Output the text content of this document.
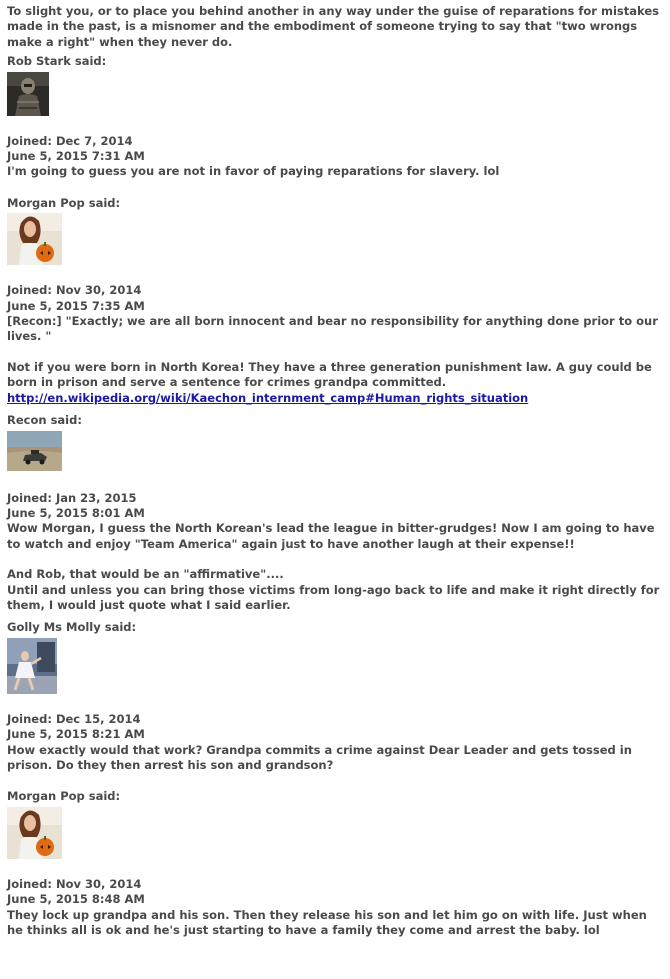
To slight you, or to place you behind another in any way under the guise of reparations for mistakes made in the past, is a misnomer and the embodiment of someone trying to say that "two wrongs make a right" when they never do.

Rob Stark said:

Joined: Dec 7, 2014

June 5, 2015 7:31 AM

I'm going to guess you are not in favor of paying reparations for slavery. lol

Morgan Pop said:

Joined: Nov 30, 2014

June 5, 2015 7:35 AM

[Recon:] "Exactly; we are all born innocent and bear no responsibility for anything done prior to our lives. "

Not if you were born in North Korea! They have a three generation punishment law. A guy could be born in prison and serve a sentence for crimes grandpa committed.

http://en.wikipedia.org/wiki/Kaechon_internment_camp#Human_rights_situation

Recon said:

Joined: Jan 23, 2015

June 5, 2015 8:01 AM

Wow Morgan, I guess the North Korean's lead the league in bitter-grudges! Now I am going to have to watch and enjoy "Team America" again just to have another laugh at their expense!!

And Rob, that would be an "affirmative"....

Until and unless you can bring those victims from long-ago back to life and make it right directly for them, I would just quote what I said earlier.

Golly Ms Molly said:

Joined: Dec 15, 2014

June 5, 2015 8:21 AM

How exactly would that work? Grandpa commits a crime against Dear Leader and gets tossed in prison. Do they then arrest his son and grandson?

Morgan Pop said:

Joined: Nov 30, 2014

June 5, 2015 8:48 AM

They lock up grandpa and his son. Then they release his son and let him go on with life. Just when he thinks all is ok and he's just starting to have a family they come and arrest the baby. lol
